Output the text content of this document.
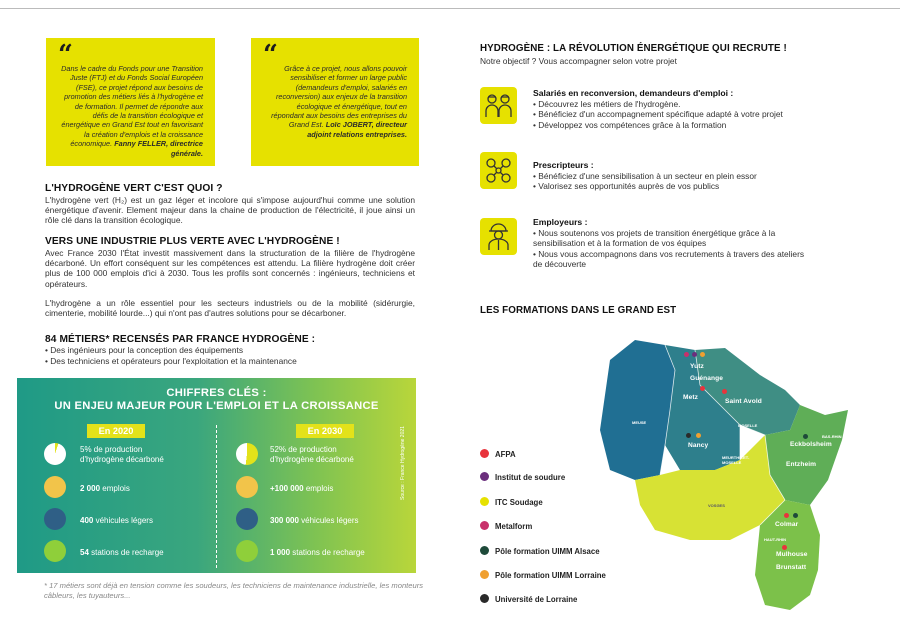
“
Dans le cadre du Fonds pour une Transition Juste (FTJ) et du Fonds Social Européen (FSE), ce projet répond aux besoins de promotion des métiers liés à l'hydrogène et de formation. Il permet de répondre aux défis de la transition écologique et énergétique en Grand Est tout en favorisant la création d'emplois et la croissance économique. Fanny FELLER, directrice générale.
“ Grâce à ce projet, nous allons pouvoir sensibiliser et former un large public (demandeurs d'emploi, salariés en reconversion) aux enjeux de la transition écologique et énergétique, tout en répondant aux besoins des entreprises du Grand Est. Loïc JOBERT, directeur adjoint relations entreprises.
L'HYDROGÈNE VERT C'EST QUOI ?
L'hydrogène vert (H₂) est un gaz léger et incolore qui s'impose aujourd'hui comme une solution énergétique d'avenir. Element majeur dans la chaine de production de l'électricité, il joue ainsi un rôle clé dans la transition écologique.
VERS UNE INDUSTRIE PLUS VERTE AVEC L'HYDROGÈNE !
Avec France 2030 l'État investit massivement dans la structuration de la filière de l'hydrogène décarboné. Un effort conséquent sur les compétences est attendu. La filière hydrogène doit créer plus de 100 000 emplois d'ici à 2030. Tous les profils sont concernés : ingénieurs, techniciens et opérateurs.
L'hydrogène a un rôle essentiel pour les secteurs industriels ou de la mobilité (sidérurgie, cimenterie, mobilité lourde...) qui n'ont pas d'autres solutions pour se décarboner.
84 MÉTIERS* RECENSÉS PAR FRANCE HYDROGÈNE :
• Des ingénieurs pour la conception des équipements
• Des techniciens et opérateurs pour l'exploitation et la maintenance
CHIFFRES CLÉS :
UN ENJEU MAJEUR POUR L'EMPLOI ET LA CROISSANCE
En 2020	En 2030
5% de production
d'hydrogène décarboné
2 000 emplois
400 véhicules légers
54 stations de recharge
52% de production
d'hydrogène décarboné
+100 000 emplois
300 000 véhicules légers
1 000 stations de recharge
Source : France Hydrogène 2021
* 17 métiers sont déjà en tension comme les soudeurs, les techniciens de maintenance industrielle, les monteurs câbleurs, les tuyauteurs...
HYDROGÈNE : LA RÉVOLUTION ÉNERGÉTIQUE QUI RECRUTE !
Notre objectif ? Vous accompagner selon votre projet
Salariés en reconversion, demandeurs d'emploi :
• Découvrez les métiers de l'hydrogène.
• Bénéficiez d'un accompagnement spécifique adapté à votre projet
• Développez vos compétences grâce à la formation
Prescripteurs :
• Bénéficiez d'une sensibilisation à un secteur en plein essor
• Valorisez ses opportunités auprès de vos publics
Employeurs :
• Nous soutenons vos projets de transition énergétique grâce à la
sensibilisation et à la formation de vos équipes
• Nous vous accompagnons dans vos recrutements à travers des ateliers
de découverte
LES FORMATIONS DANS LE GRAND EST
MEUSE
MOSELLE
BAS-RHIN
MEURTHE-ET-MOSELLE
VOSGES
HAUT-RHIN
Yutz
Guénange
Metz
Saint Avold
Nancy	Eckbolsheim
Entzheim
Colmar
Mulhouse
Brunstatt
AFPA
Institut de soudure
ITC Soudage
Metalform
Pôle formation UIMM Alsace
Pôle formation UIMM Lorraine
Université de Lorraine
